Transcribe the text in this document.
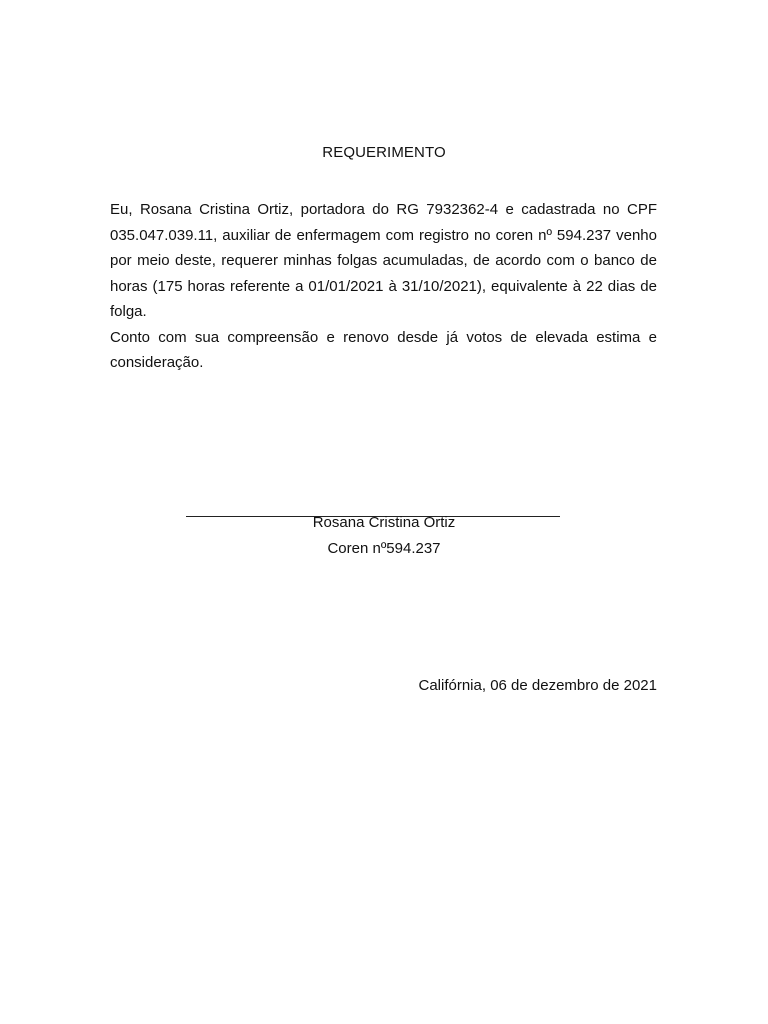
REQUERIMENTO

Eu, Rosana Cristina Ortiz, portadora do RG 7932362-4 e cadastrada no CPF 035.047.039.11, auxiliar de enfermagem com registro no coren nº 594.237 venho por meio deste, requerer minhas folgas acumuladas, de acordo com o banco de horas (175 horas referente a 01/01/2021 à 31/10/2021), equivalente à 22 dias de folga.

Conto com sua compreensão e renovo desde já votos de elevada estima e consideração.

Rosana Cristina Ortiz
Coren nº594.237
Califórnia, 06 de dezembro de 2021
